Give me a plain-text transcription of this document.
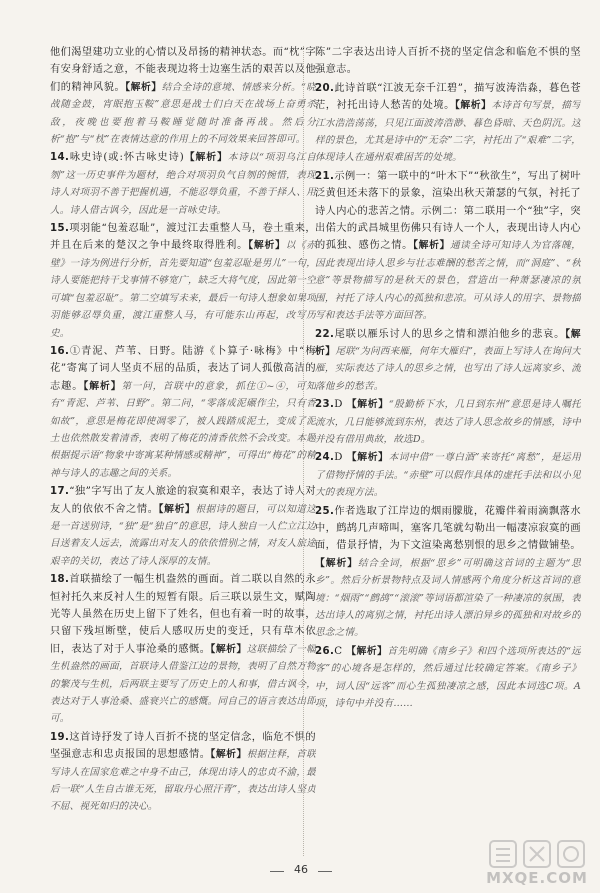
他们渴望建功立业的心情以及昂扬的精神状态。而“枕”字有安身舒适之意，不能表现边将士边塞生活的艰苦以及他们的精神风貌。【解析】结合全诗的意境、情感来分析。“晓战随金鼓，宵眠抱玉鞍”意思是战士们白天在战场上奋勇杀敌，夜晚也要抱着马鞍睡觉随时准备再战。然后分析“抱”与“枕”在表情达意的作用上的不同效果来回答即可。

14.咏史诗(或:怀古咏史诗)【解析】本诗以“项羽乌江自刎”这一历史事件为题材，绝合对项羽负气自刎的惋惜，表现诗人对项羽不善于把握机遇，不能忍辱负重，不善于择人、用人。诗人借古讽今，因此是一首咏史诗。

15.项羽能“包羞忍耻”，渡过江去重整人马，卷土重来，并且在后来的楚汉之争中最终取得胜利。【解析】以《赤壁》一诗为例进行分析，首先要知道“包羞忍耻是男儿”一句，诗人要能把持干戈事情不够宽广，缺乏大将气度，因此第一空可填“包羞忍耻”。第二空填写未来，最后一句诗人想象如果项羽能够忍辱负重，渡江重整人马，有可能东山再起，改写历史。

16.①青泥、芦苇、日野。陆游《卜算子·咏梅》中“梅花”寄寓了词人坚贞不屈的品质，表达了词人孤傲高洁的志趣。【解析】第一问，首联中的意象，抓住①~④，可知有“青泥、芦苇、日野”。第二问，“零落成泥碾作尘，只有香如故”，意思是梅花即使凋零了，被人践踏成泥土，变成了泥土也依然散发着清香，表明了梅花的清香依然不会改变。本题根据提示语“物象中寄寓某种情感或精神”，可得出“梅花”的精神与诗人的志趣之间的关系。

17.“独”字写出了友人旅途的寂寞和艰辛，表达了诗人对友人的依依不舍之情。【解析】根据诗的题目，可以知道这是一首送别诗，“独”是“独自”的意思，诗人独自一人伫立江边目送着友人远去，流露出对友人的依依惜别之情，对友人旅途艰辛的关切，表达了诗人深厚的友情。

18.首联描绘了一幅生机盎然的画面。首二联以自然的永恒衬托久来反衬人生的短暂有限。后三联以景生文，赋陶光等人虽然在历史上留下了姓名，但也有着一时的故事，只留下残垣断壁，使后人感叹历史的变迁，只有草木依旧，表达了对于人事沧桑的感慨。【解析】这联描绘了一幅生机盎然的画面，首联诗人借鉴江边的景物，表明了自然万物的繁茂与生机，后两联主要写了历史上的人和事，借古讽今，表达对于人事沧桑、盛衰兴亡的感慨。同自己的语言表达出即可。

19.这首诗抒发了诗人百折不挠的坚定信念，临危不惧的坚强意志和忠贞报国的思想感情。【解析】根据注释，首联写诗人在国家危难之中身不由己，体现出诗人的忠贞不渝，最后一联“人生自古谁无死，留取丹心照汗青”，表达出诗人坚贞不屈、视死如归的决心。

陈”二字表达出诗人百折不挠的坚定信念和临危不惧的坚强意志。

20.此诗首联“江波无奈千江碧”，描写波涛浩淼，暮色苍茫，衬托出诗人愁苦的处境。【解析】本诗首句写景，描写江水浩浩荡荡，只见江面波涛浩渺、暮色昏暗、天色阴沉。这样的景色，尤其是诗中的“无奈”二字，衬托出了“艰难”二字，体现诗人在通州艰难困苦的处境。

21.示例一：第一联中的“叶木下”“秋欲生”，写出了树叶泛黄但还未落下的景象，渲染出秋天萧瑟的气氛，衬托了诗人内心的悲苦之情。示例二：第二联用一个“独”字，突出偌大的武昌城里伤佛只有诗人一个人，表现出诗人内心的孤独、感伤之情。【解析】通读全诗可知诗人为官落魄，因此表现出诗人思乡与壮志难酬的愁苦之情，而“洞庭”、“秋意”等景物描写的是秋天的景色，营造出一种萧瑟凄凉的氛围，衬托了诗人内心的孤独和悲凉。可从诗人的用字、景物描写和表达手法等方面回答。

22.尾联以雁乐讨人的思乡之情和漂泊他乡的悲哀。【解析】尾联“为问西来雁，何年大雁归”，表面上写诗人在询问大雁，实际表达了诗人的思乡之情，也写出了诗人远离家乡、流落他乡的愁苦。

23.D 【解析】“殷勤桥下水，几日到东州”意思是诗人嘱托流水，几日能够流到东州，表达了诗人思念故乡的情感，诗中并没有借用典故，故选D。

24.D 【解析】本词中借“一尊白酒”来寄托“离愁”，是运用了借物抒情的手法。“赤壁”可以假作具体的虚托手法和以小见大的表现方法。

25.作者选取了江岸边的烟雨朦胧，花瓣伴着雨滴飘落水中，鹧鸪几声啼叫，塞客几笔就勾勒出一幅凄凉寂寞的画面，借景抒情，为下文渲染离愁别恨的思乡之情做铺垫。【解析】结合全词，根据“思乡”可明确这首词的主题为“思乡”。然后分析景物特点及词人情感两个角度分析这首词的意境：“烟雨”“鹧鸪”“滚滚”等词语都渲染了一种凄凉的氛围，表达出诗人的离别之情，衬托出诗人漂泊异乡的孤独和对故乡的思念之情。

26.C 【解析】首先明确《南乡子》和四个选项所表达的“远客”的心境各是怎样的，然后通过比较确定答案。《南乡子》中，词人因“远客”而心生孤独凄凉之感，因此本词选C项。A项，诗句中并没有……

46	MXQE.COM
